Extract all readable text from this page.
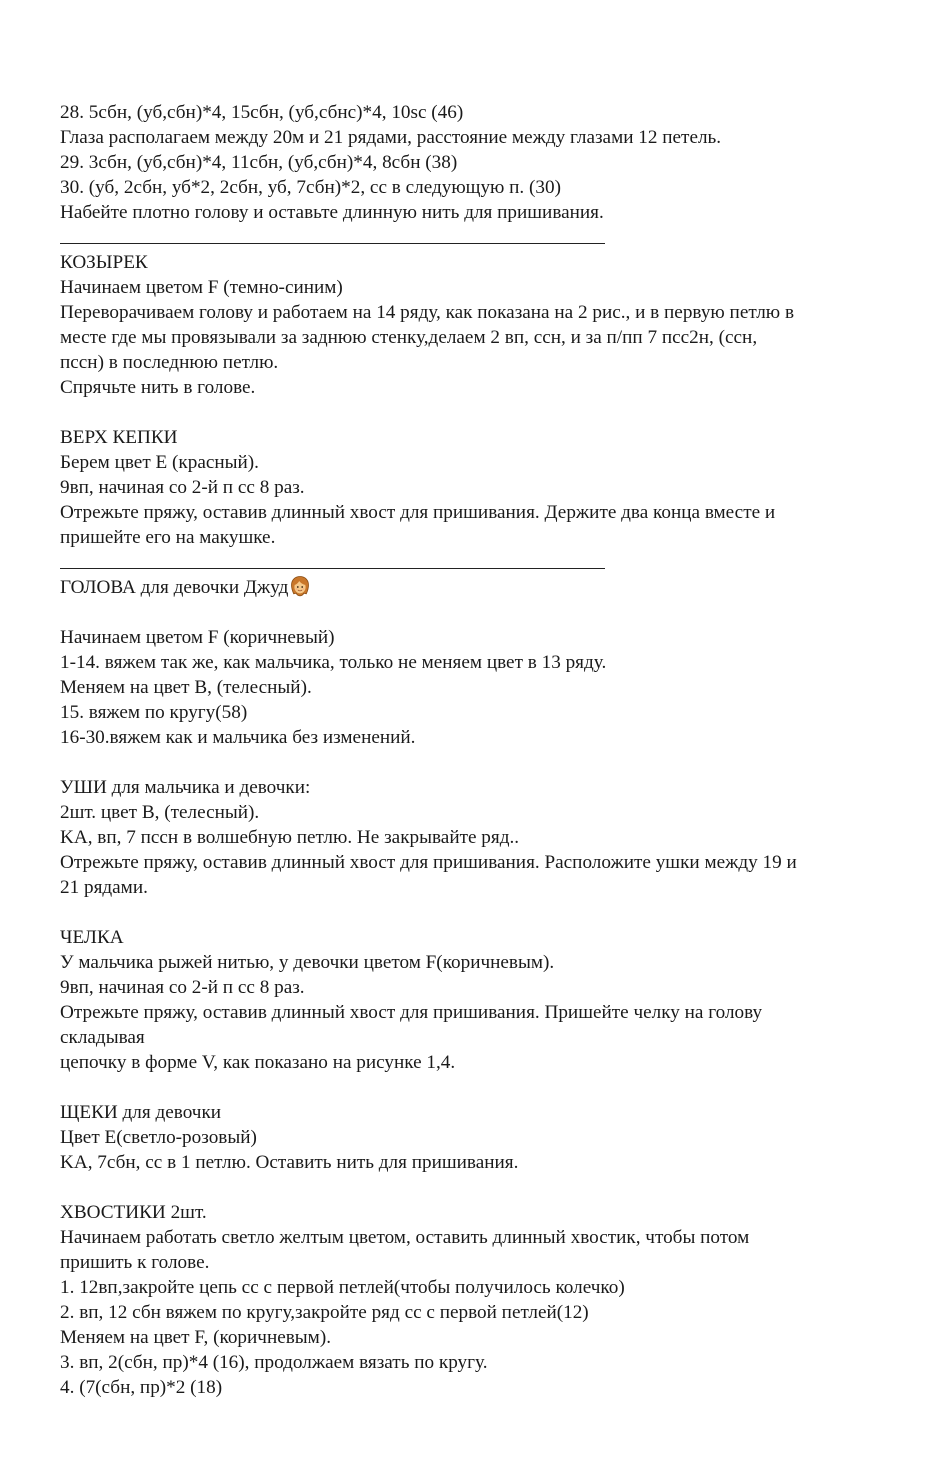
28. 5сбн, (уб,сбн)*4, 15сбн, (уб,сбнс)*4, 10sc (46)
Глаза располагаем между 20м и 21 рядами, расстояние между глазами 12 петель.
29. 3сбн, (уб,сбн)*4, 11сбн, (уб,сбн)*4, 8сбн (38)
30. (уб, 2сбн, уб*2, 2сбн, уб, 7сбн)*2, сс в следующую п. (30)
Набейте плотно голову и оставьте длинную нить для пришивания.
КОЗЫРЕК
Начинаем цветом F (темно-синим)
Переворачиваем голову и работаем на 14 ряду, как показана на 2 рис., и в первую петлю в
месте где мы провязывали за заднюю стенку,делаем 2 вп, ссн, и за п/пп 7 псс2н, (ссн,
пссн) в последнюю петлю.
Спрячьте нить в голове.
ВЕРХ КЕПКИ
Берем цвет E (красный).
9вп, начиная со 2-й п сс 8 раз.
Отрежьте пряжу, оставив длинный хвост для пришивания. Держите два конца вместе и
пришейте его на макушке.
ГОЛОВА для девочки Джуд
Начинаем цветом F (коричневый)
1-14. вяжем так же, как мальчика, только не меняем цвет в 13 ряду.
Меняем на цвет B, (телесный).
15. вяжем по кругу(58)
16-30.вяжем как и мальчика без изменений.
УШИ для мальчика и девочки:
2шт. цвет B, (телесный).
KA, вп, 7 пссн в волшебную петлю. Не закрывайте ряд..
Отрежьте пряжу, оставив длинный хвост для пришивания. Расположите ушки между 19 и
21 рядами.
ЧЕЛКА
У мальчика рыжей нитью, у девочки цветом F(коричневым).
9вп, начиная со 2-й п сс 8 раз.
Отрежьте пряжу, оставив длинный хвост для пришивания. Пришейте челку на голову
складывая
цепочку в форме V, как показано на рисунке 1,4.
ЩЕКИ для девочки
Цвет E(светло-розовый)
KA, 7сбн, сс в 1 петлю. Оставить нить для пришивания.
ХВОСТИКИ 2шт.
Начинаем работать светло желтым цветом, оставить длинный хвостик, чтобы потом
пришить к голове.
1. 12вп,закройте цепь сс с первой петлей(чтобы получилось колечко)
2. вп, 12 сбн вяжем по кругу,закройте ряд сс с первой петлей(12)
Меняем на цвет F, (коричневым).
3. вп, 2(сбн, пр)*4 (16), продолжаем вязать по кругу.
4. (7(сбн, пр)*2 (18)
